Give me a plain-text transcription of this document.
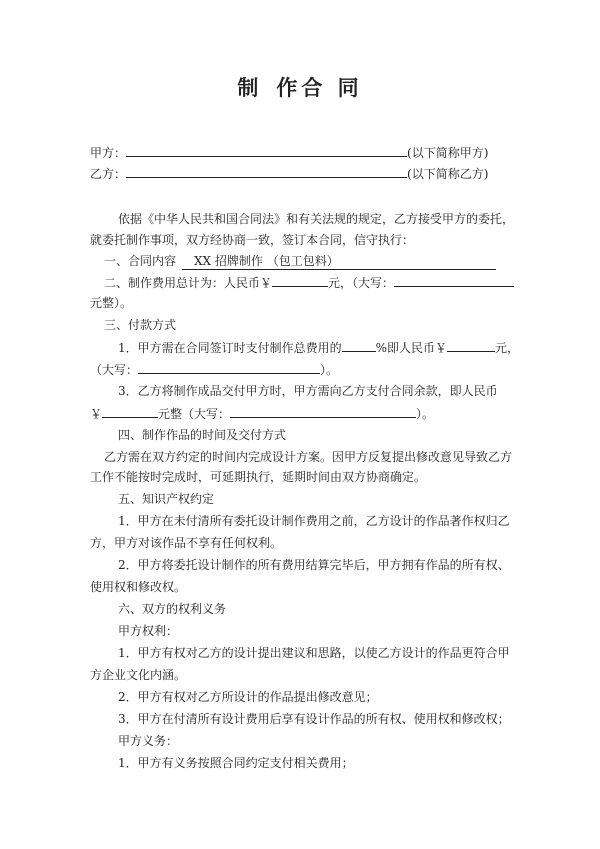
制 作合 同
甲方：	(以下简称甲方)
乙方：	(以下简称乙方)
依据《中华人民共和国合同法》和有关法规的规定，乙方接受甲方的委托，
就委托制作事项，双方经协商一致，签订本合同，信守执行：
一、合同内容 XX 招牌制作 （包工包料）
二、制作费用总计为：人民币￥	元，（大写：
元整）。
三、付款方式
1．甲方需在合同签订时支付制作总费用的	%即人民币￥	元，
（大写：	）。
3．乙方将制作成品交付甲方时，甲方需向乙方支付合同余款，即人民币
￥	元整（大写：	）。
四、制作作品的时间及交付方式
乙方需在双方约定的时间内完成设计方案。因甲方反复提出修改意见导致乙方
工作不能按时完成时，可延期执行，延期时间由双方协商确定。
五、知识产权约定
1．甲方在未付清所有委托设计制作费用之前，乙方设计的作品著作权归乙
方，甲方对该作品不享有任何权利。
2．甲方将委托设计制作的所有费用结算完毕后，甲方拥有作品的所有权、
使用权和修改权。
六、双方的权利义务
甲方权利：
1．甲方有权对乙方的设计提出建议和思路，以使乙方设计的作品更符合甲
方企业文化内涵。
2．甲方有权对乙方所设计的作品提出修改意见；
3．甲方在付清所有设计费用后享有设计作品的所有权、使用权和修改权；
甲方义务：
1．甲方有义务按照合同约定支付相关费用；
